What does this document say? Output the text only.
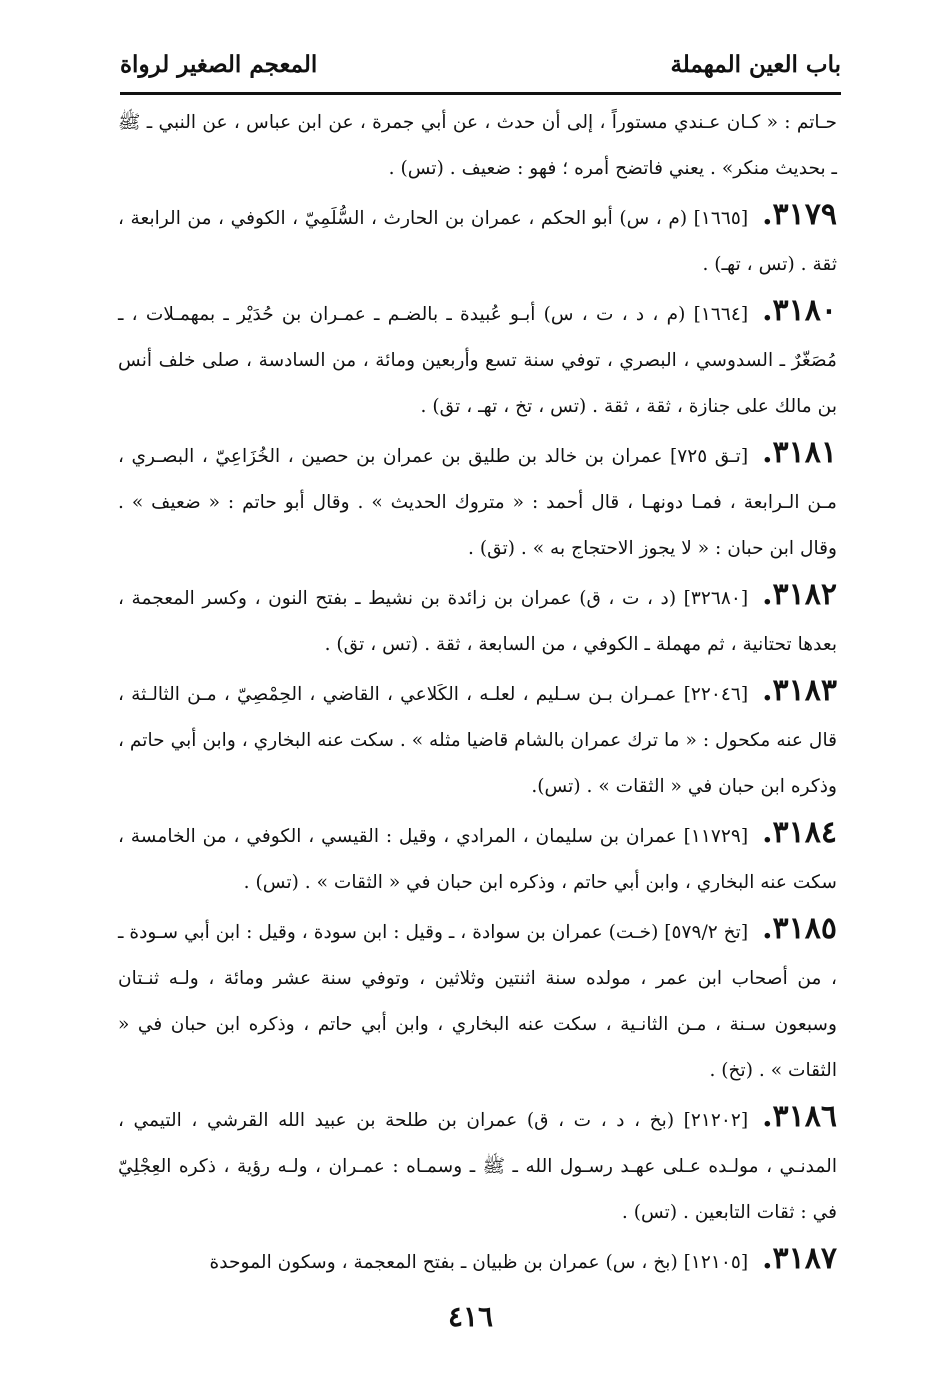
باب العين المهملة
المعجم الصغير لرواة

حـاتم : « كـان عـندي مستوراً ، إلى أن حدث ، عن أبي جمرة ، عن ابن عباس ، عن النبي ـ ﷺ ـ بحديث منكر» . يعني فاتضح أمره ؛ فهو : ضعيف . (تس) .

٣١٧٩.[١٦٦٥] (م ، س) أبو الحكم ، عمران بن الحارث ، السُّلَمِيّ ، الكوفي ، من الرابعة ، ثقة . (تس ، تهـ) .

٣١٨٠.[١٦٦٤] (م ، د ، ت ، س) أبـو عُبيدة ـ بالضـم ـ عمـران بن حُدَيْر ـ بمهمـلات ، ـ مُصَغّرٌ ـ السدوسي ، البصري ، توفي سنة تسع وأربعين ومائة ، من السادسة ، صلى خلف أنس بن مالك على جنازة ، ثقة ، ثقة . (تس ، تخ ، تهـ ، تق) .

٣١٨١.[تـق ٧٢٥] عمران بن خالد بن طليق بن عمران بن حصين ، الخُزَاعِيّ ، البصـري ، مـن الـرابعة ، فمـا دونهـا ، قال أحمد : « متروك الحديث » . وقال أبو حاتم : « ضعيف » . وقال ابن حبان : « لا يجوز الاحتجاج به » . (تق) .

٣١٨٢.[٣٢٦٨٠] (د ، ت ، ق) عمران بن زائدة بن نشيط ـ بفتح النون ، وكسر المعجمة ، بعدها تحتانية ، ثم مهملة ـ الكوفي ، من السابعة ، ثقة . (تس ، تق) .

٣١٨٣.[٢٢٠٤٦] عمـران بـن سـليم ، لعلـه ، الكَلاعي ، القاضي ، الحِمْصِيّ ، مـن الثالـثة ، قال عنه مكحول : « ما ترك عمران بالشام قاضيا مثله » . سكت عنه البخاري ، وابن أبي حاتم ، وذكره ابن حبان في « الثقات » . (تس).

٣١٨٤.[١١٧٢٩] عمران بن سليمان ، المرادي ، وقيل : القيسي ، الكوفي ، من الخامسة ، سكت عنه البخاري ، وابن أبي حاتم ، وذكره ابن حبان في « الثقات » . (تس) .

٣١٨٥.[تخ ٥٧٩/٢] (خـت) عمران بن سوادة ، ـ وقيل : ابن سودة ، وقيل : ابن أبي سـودة ـ ، من أصحاب ابن عمر ، مولده سنة اثنتين وثلاثين ، وتوفي سنة عشر ومائة ، ولـه ثنـتان وسبعون سـنة ، مـن الثانـية ، سكت عنه البخاري ، وابن أبي حاتم ، وذكره ابن حبان في « الثقات » . (تخ) .

٣١٨٦.[٢١٢٠٢] (بخ ، د ، ت ، ق) عمران بن طلحة بن عبيد الله القرشي ، التيمي ، المدنـي ، مولـده عـلى عهـد رسـول الله ـ ﷺ ـ وسمـاه : عمـران ، ولـه رؤية ، ذكره العِجْلِيّ في : ثقات التابعين . (تس) .

٣١٨٧.[١٢١٠٥] (بخ ، س) عمران بن ظبيان ـ بفتح المعجمة ، وسكون الموحدة

٤١٦
